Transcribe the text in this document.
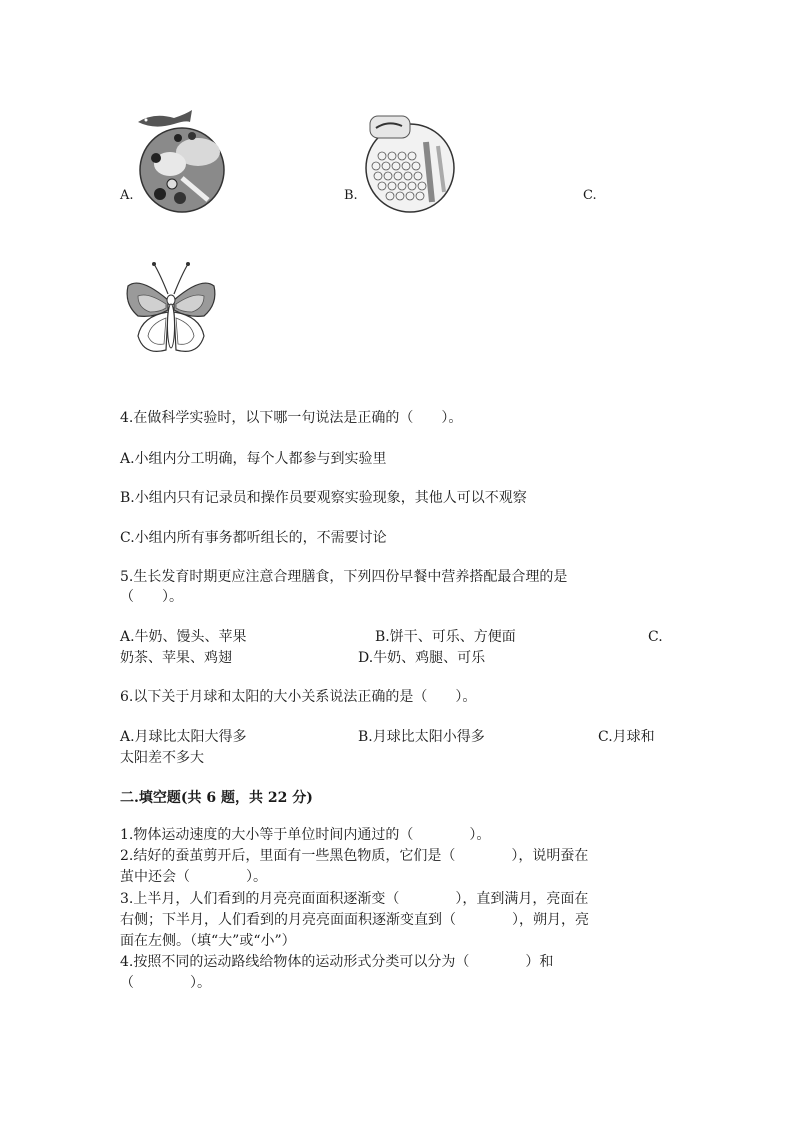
A.	B.	C.
4.在做科学实验时，以下哪一句说法是正确的（　　）。
A.小组内分工明确，每个人都参与到实验里
B.小组内只有记录员和操作员要观察实验现象，其他人可以不观察
C.小组内所有事务都听组长的，不需要讨论
5.生长发育时期更应注意合理膳食，下列四份早餐中营养搭配最合理的是
（　　）。
A.牛奶、馒头、苹果	B.饼干、可乐、方便面	C.
奶茶、苹果、鸡翅	D.牛奶、鸡腿、可乐
6.以下关于月球和太阳的大小关系说法正确的是（　　）。
A.月球比太阳大得多	B.月球比太阳小得多	C.月球和
太阳差不多大
二.填空题(共 6 题，共 22 分)
1.物体运动速度的大小等于单位时间内通过的（　　　　）。
2.结好的蚕茧剪开后，里面有一些黑色物质，它们是（　　　　），说明蚕在
茧中还会（　　　　）。
3.上半月，人们看到的月亮亮面面积逐渐变（　　　　），直到满月，亮面在
右侧；下半月，人们看到的月亮亮面面积逐渐变直到（　　　　），朔月，亮
面在左侧。（填“大”或“小”）
4.按照不同的运动路线给物体的运动形式分类可以分为（　　　　）和
（　　　　）。
